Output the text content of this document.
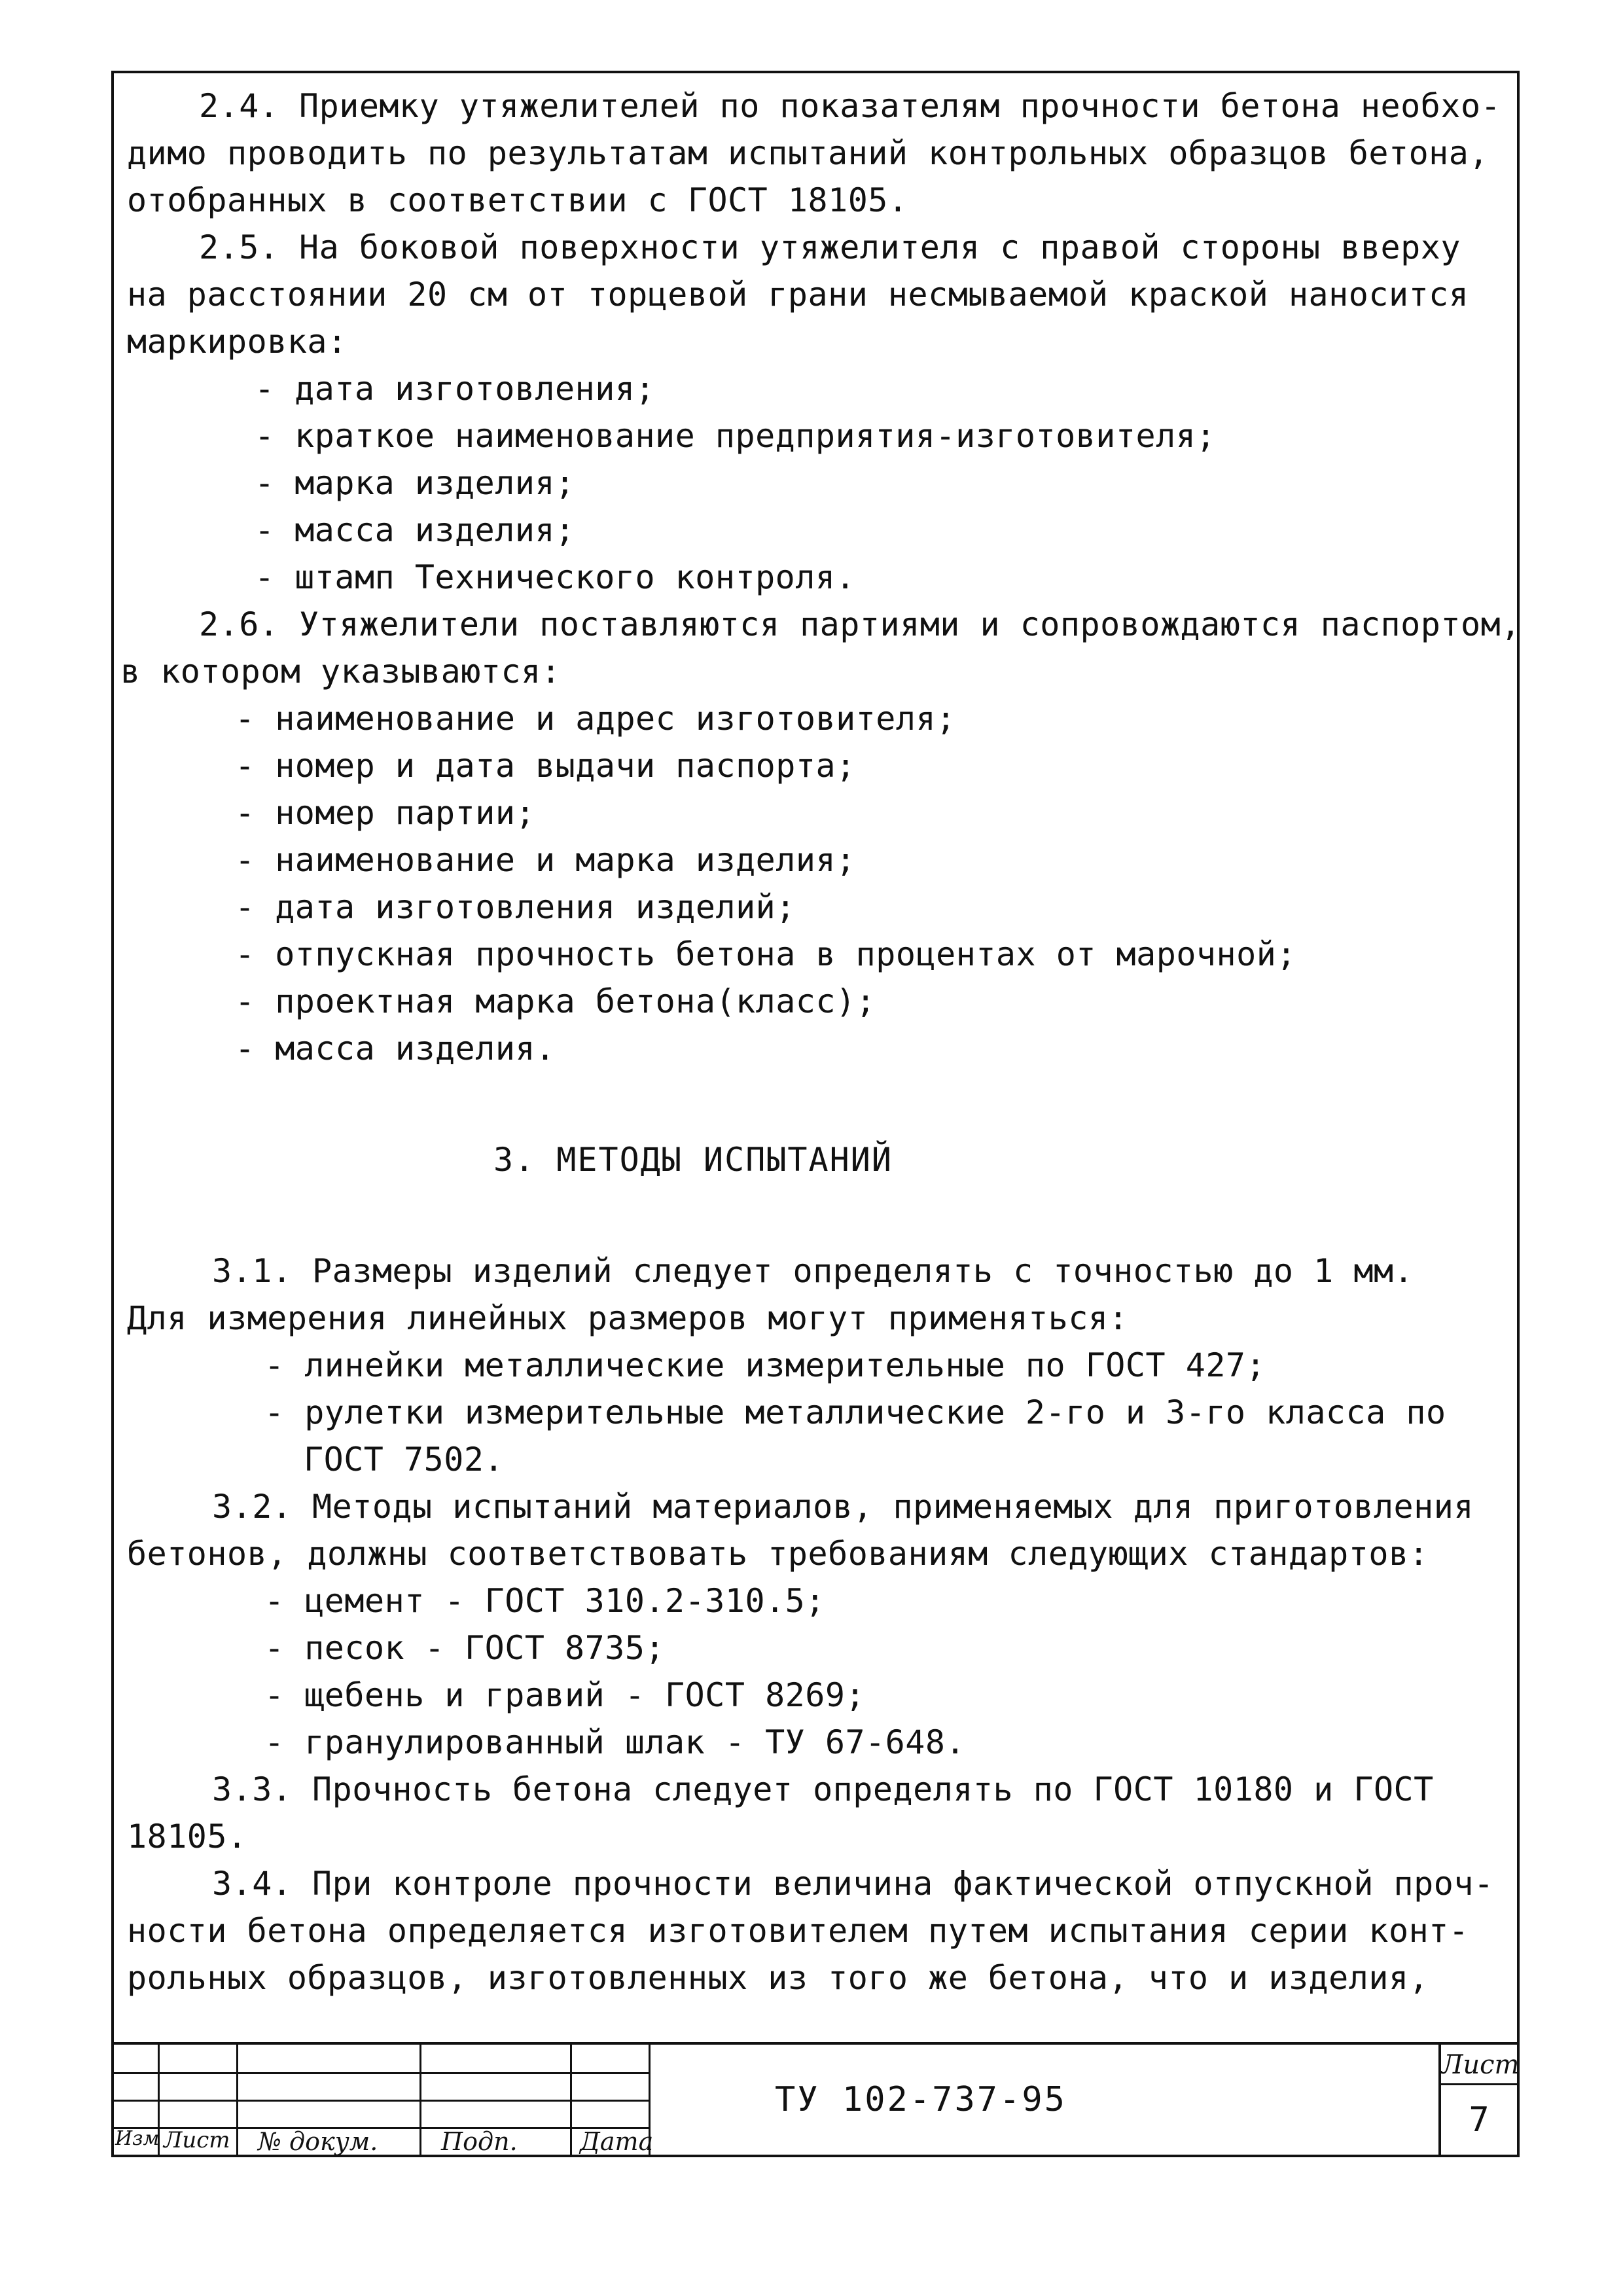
2.4. Приемку утяжелителей по показателям прочности бетона необхо-
димо проводить по результатам испытаний контрольных образцов бетона,
отобранных в соответствии с ГОСТ 18105.
2.5. На боковой поверхности утяжелителя с правой стороны вверху
на расстоянии 20 см от торцевой грани несмываемой краской наносится
маркировка:
- дата изготовления;
- краткое наименование предприятия-изготовителя;
- марка изделия;
- масса изделия;
- штамп Технического контроля.
2.6. Утяжелители поставляются партиями и сопровождаются паспортом,
в котором указываются:
- наименование и адрес изготовителя;
- номер и дата выдачи паспорта;
- номер партии;
- наименование и марка изделия;
- дата изготовления изделий;
- отпускная прочность бетона в процентах от марочной;
- проектная марка бетона(класс);
- масса изделия.
3.1. Размеры изделий следует определять с точностью до 1 мм.
Для измерения линейных размеров могут применяться:
- линейки металлические измерительные по ГОСТ 427;
- рулетки измерительные металлические 2-го и 3-го класса по
ГОСТ 7502.
3.2. Методы испытаний материалов, применяемых для приготовления
бетонов, должны соответствовать требованиям следующих стандартов:
- цемент - ГОСТ 310.2-310.5;
- песок - ГОСТ 8735;
- щебень и гравий - ГОСТ 8269;
- гранулированный шлак - ТУ 67-648.
3.3. Прочность бетона следует определять по ГОСТ 10180 и ГОСТ
18105.
3.4. При контроле прочности величина фактической отпускной проч-
ности бетона определяется изготовителем путем испытания серии конт-
рольных образцов, изготовленных из того же бетона, что и изделия,
3. МЕТОДЫ ИСПЫТАНИЙ
Изм Лист № докум.	Подп.	Дата
ТУ 102-737-95
Лист
7
